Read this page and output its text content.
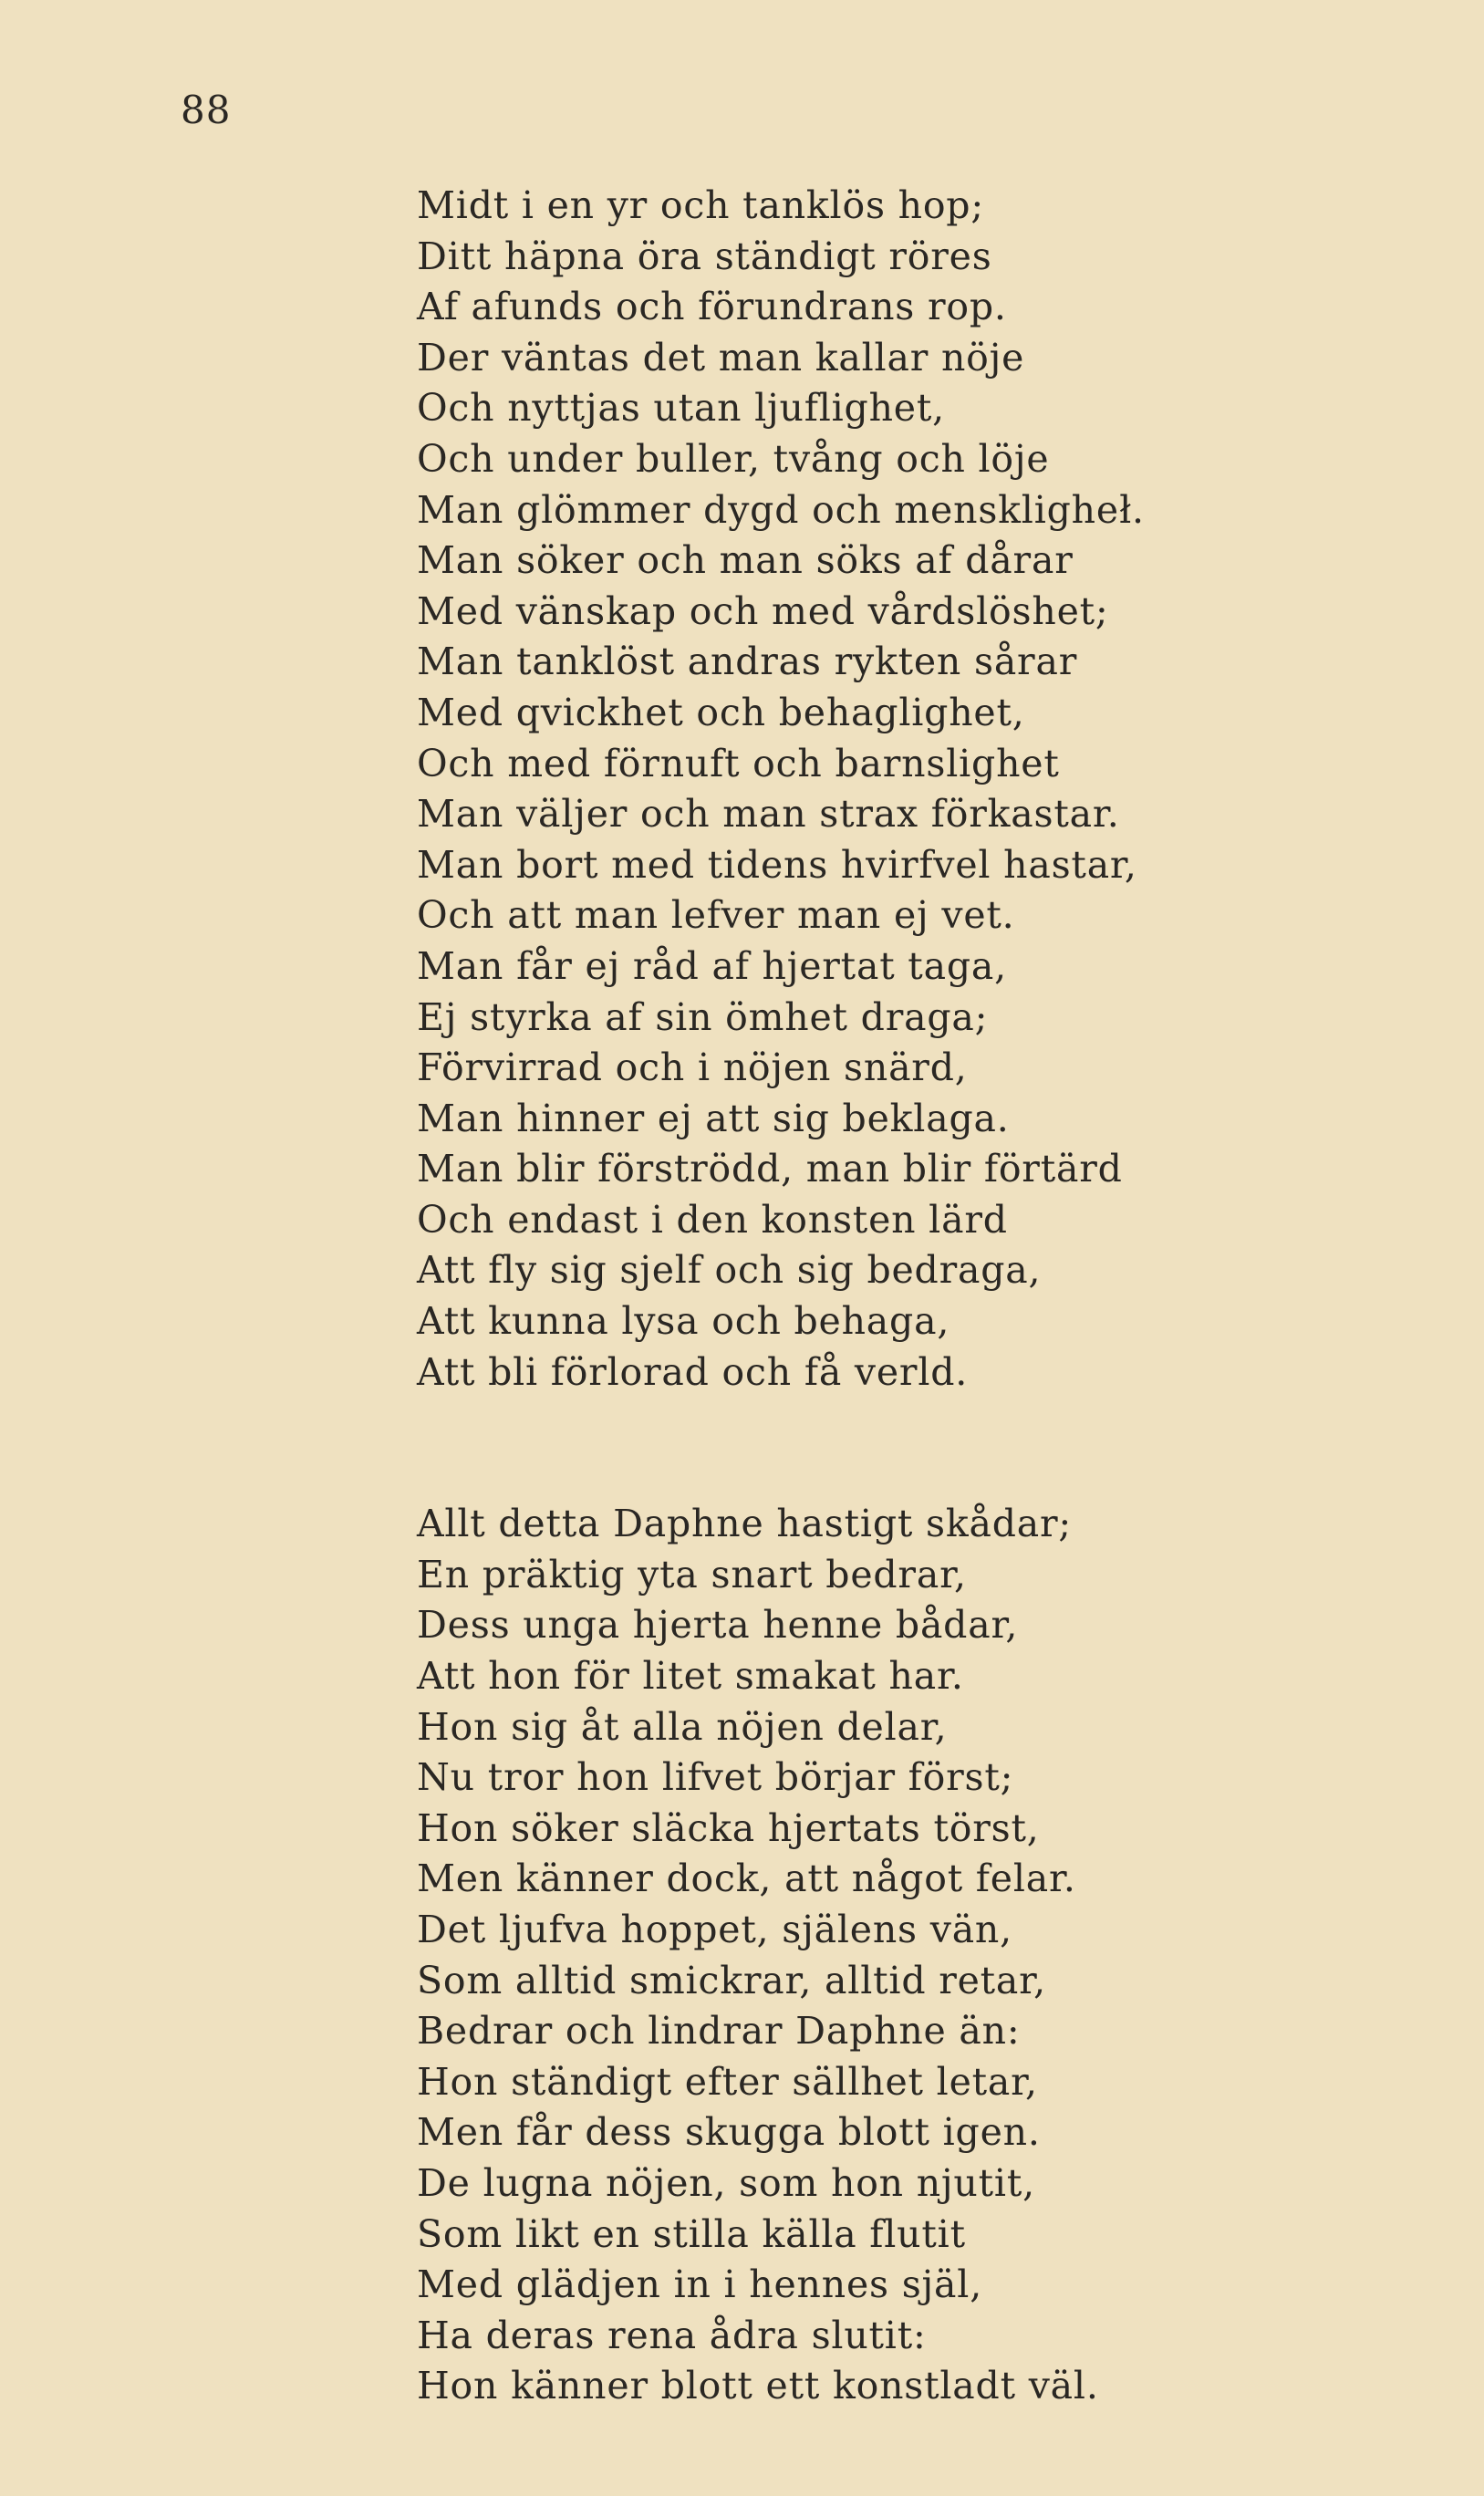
88
Midt i en yr och tanklös hop;
Ditt häpna öra ständigt röres
Af afunds och förundrans rop.
Der väntas det man kallar nöje
Och nyttjas utan ljuflighet,
Och under buller, tvång och löje
Man glömmer dygd och menskligheł.
Man söker och man söks af dårar
Med vänskap och med vårdslöshet;
Man tanklöst andras rykten sårar
Med qvickhet och behaglighet,
Och med förnuft och barnslighet
Man väljer och man strax förkastar.
Man bort med tidens hvirfvel hastar,
Och att man lefver man ej vet.
Man får ej råd af hjertat taga,
Ej styrka af sin ömhet draga;
Förvirrad och i nöjen snärd,
Man hinner ej att sig beklaga.
Man blir förströdd, man blir förtärd
Och endast i den konsten lärd
Att fly sig sjelf och sig bedraga,
Att kunna lysa och behaga,
Att bli förlorad och få verld.
Allt detta Daphne hastigt skådar;
En präktig yta snart bedrar,
Dess unga hjerta henne bådar,
Att hon för litet smakat har.
Hon sig åt alla nöjen delar,
Nu tror hon lifvet börjar först;
Hon söker släcka hjertats törst,
Men känner dock, att något felar.
Det ljufva hoppet, själens vän,
Som alltid smickrar, alltid retar,
Bedrar och lindrar Daphne än:
Hon ständigt efter sällhet letar,
Men får dess skugga blott igen.
De lugna nöjen, som hon njutit,
Som likt en stilla källa flutit
Med glädjen in i hennes själ,
Ha deras rena ådra slutit:
Hon känner blott ett konstladt väl.
